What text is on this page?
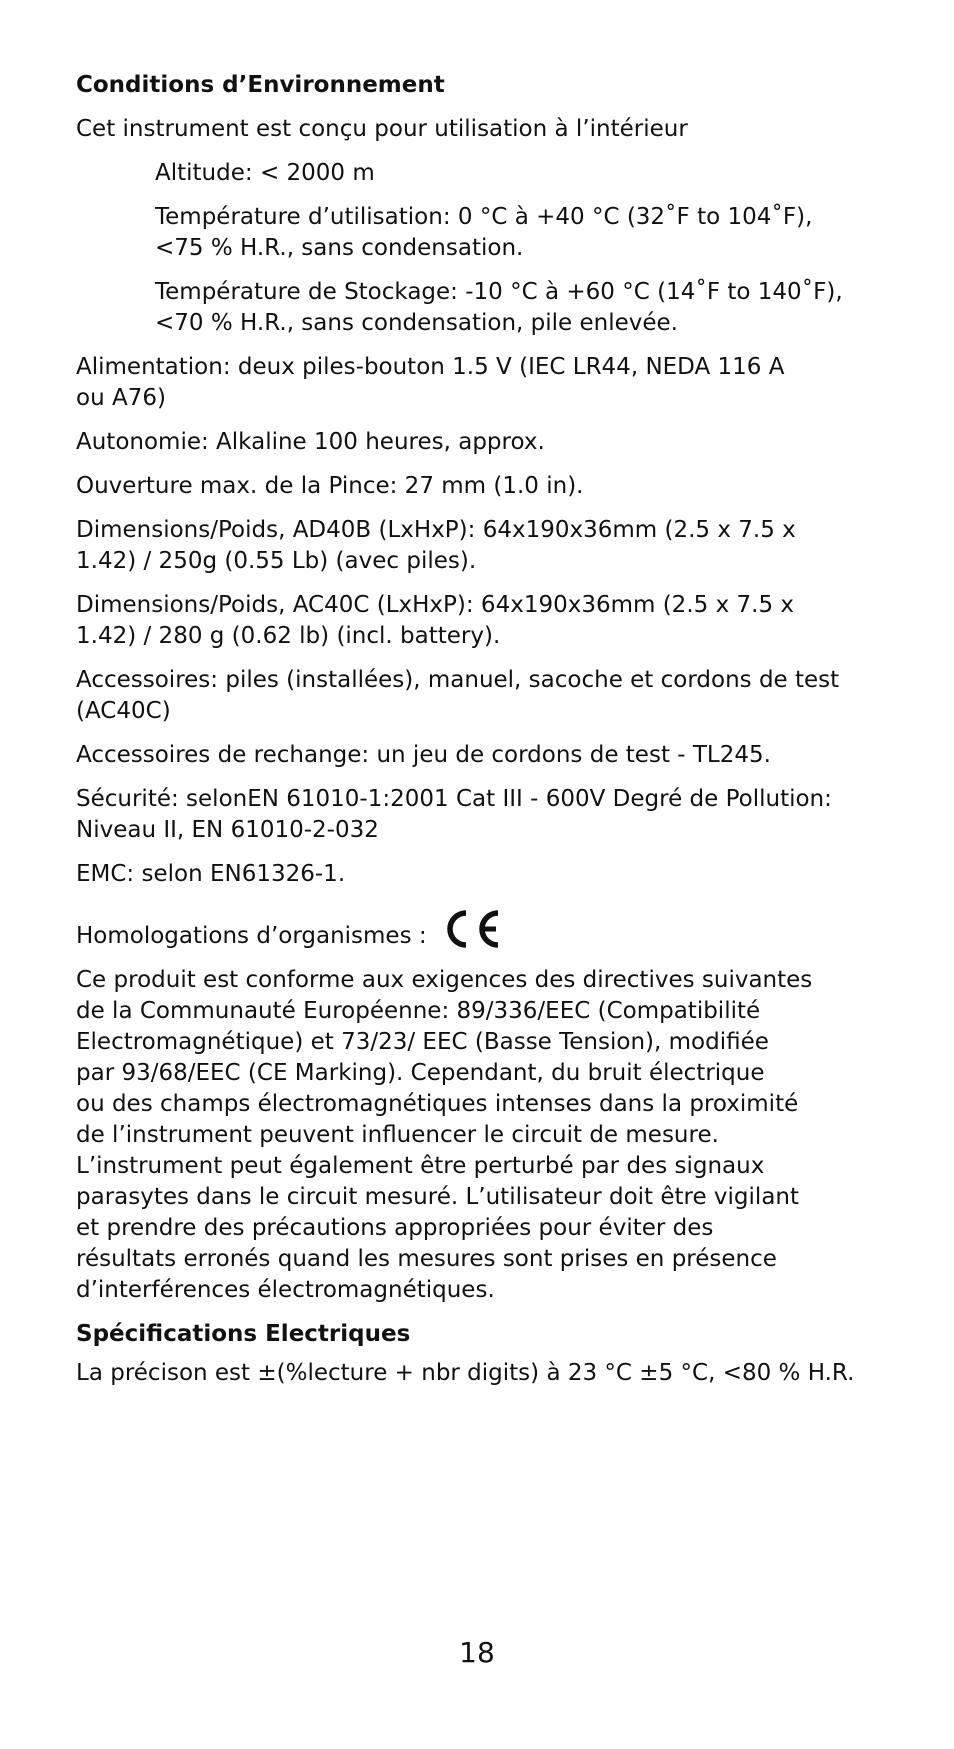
Conditions d’Environnement
Cet instrument est conçu pour utilisation à l’intérieur
Altitude: < 2000 m
Température d’utilisation: 0 °C à +40 °C (32˚F to 104˚F),
<75 % H.R., sans condensation.
Température de Stockage: -10 °C à +60 °C (14˚F to 140˚F),
<70 % H.R., sans condensation, pile enlevée.
Alimentation: deux piles-bouton 1.5 V (IEC LR44, NEDA 116 A
ou A76)
Autonomie: Alkaline 100 heures, approx.
Ouverture max. de la Pince: 27 mm (1.0 in).
Dimensions/Poids, AD40B (LxHxP): 64x190x36mm (2.5 x 7.5 x
1.42) / 250g (0.55 Lb) (avec piles).
Dimensions/Poids, AC40C (LxHxP): 64x190x36mm (2.5 x 7.5 x
1.42) / 280 g (0.62 lb) (incl. battery).
Accessoires: piles (installées), manuel, sacoche et cordons de test
(AC40C)
Accessoires de rechange: un jeu de cordons de test - TL245.
Sécurité: selonEN 61010-1:2001 Cat III - 600V Degré de Pollution:
Niveau II, EN 61010-2-032
EMC: selon EN61326-1.
Homologations d’organismes :
Ce produit est conforme aux exigences des directives suivantes
de la Communauté Européenne: 89/336/EEC (Compatibilité
Electromagnétique) et 73/23/ EEC (Basse Tension), modifiée
par 93/68/EEC (CE Marking). Cependant, du bruit électrique
ou des champs électromagnétiques intenses dans la proximité
de l’instrument peuvent influencer le circuit de mesure.
L’instrument peut également être perturbé par des signaux
parasytes dans le circuit mesuré. L’utilisateur doit être vigilant
et prendre des précautions appropriées pour éviter des
résultats erronés quand les mesures sont prises en présence
d’interférences électromagnétiques.
Spécifications Electriques
La précison est ±(%lecture + nbr digits) à 23 °C ±5 °C, <80 % H.R.
18
